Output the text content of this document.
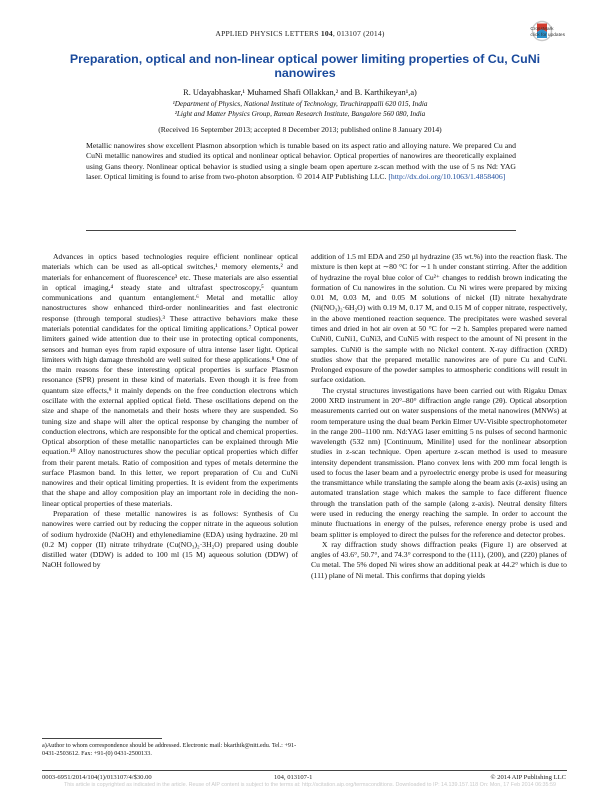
APPLIED PHYSICS LETTERS 104, 013107 (2014)	CrossMark
click for updates
Preparation, optical and non-linear optical power limiting properties of Cu, CuNi nanowires
R. Udayabhaskar,¹ Muhamed Shafi Ollakkan,² and B. Karthikeyan¹,a)
¹Department of Physics, National Institute of Technology, Tiruchirappalli 620 015, India
²Light and Matter Physics Group, Raman Research Institute, Bangalore 560 080, India
(Received 16 September 2013; accepted 8 December 2013; published online 8 January 2014)
Metallic nanowires show excellent Plasmon absorption which is tunable based on its aspect ratio and alloying nature. We prepared Cu and CuNi metallic nanowires and studied its optical and nonlinear optical behavior. Optical properties of nanowires are theoretically explained using Gans theory. Nonlinear optical behavior is studied using a single beam open aperture z-scan method with the use of 5 ns Nd: YAG laser. Optical limiting is found to arise from two-photon absorption. © 2014 AIP Publishing LLC. [http://dx.doi.org/10.1063/1.4858406]

Advances in optics based technologies require efficient nonlinear optical materials which can be used as all-optical switches,¹ memory elements,² and materials for enhancement of fluorescence³ etc. These materials are also essential in optical imaging,⁴ steady state and ultrafast spectroscopy,⁵ quantum communications and quantum entanglement.⁶ Metal and metallic alloy nanostructures show enhanced third-order nonlinearities and fast electronic response (through temporal studies).³ These attractive behaviors make these materials potential candidates for the optical limiting applications.⁷ Optical power limiters gained wide attention due to their use in protecting optical components, sensors and human eyes from rapid exposure of ultra intense laser light. Optical limiters with high damage threshold are well suited for these applications.⁸ One of the main reasons for these interesting optical properties is surface Plasmon resonance (SPR) present in these kind of materials. Even though it is free from quantum size effects,⁹ it mainly depends on the free conduction electrons which oscillate with the external applied optical field. These oscillations depend on the size and shape of the nanometals and their hosts where they are suspended. So tuning size and shape will alter the optical response by changing the number of conduction electrons, which are responsible for the optical and chemical properties. Optical absorption of these metallic nanoparticles can be explained through Mie equation.¹⁰ Alloy nanostructures show the peculiar optical properties which differ from their parent metals. Ratio of composition and types of metals determine the surface Plasmon band. In this letter, we report preparation of Cu and CuNi nanowires and their optical limiting properties. It is evident from the experiments that the shape and alloy composition play an important role in deciding the non-linear optical properties of these materials.

Preparation of these metallic nanowires is as follows: Synthesis of Cu nanowires were carried out by reducing the copper nitrate in the aqueous solution of sodium hydroxide (NaOH) and ethylenediamine (EDA) using hydrazine. 20 ml (0.2 M) copper (II) nitrate trihydrate (Cu(NO₃)₂·3H₂O) prepared using double distilled water (DDW) is added to 100 ml (15 M) aqueous solution (DDW) of NaOH followed by

addition of 1.5 ml EDA and 250 μl hydrazine (35 wt.%) into the reaction flask. The mixture is then kept at ∼80 °C for ∼1 h under constant stirring. After the addition of hydrazine the royal blue color of Cu²⁺ changes to reddish brown indicating the formation of Cu nanowires in the solution. Cu Ni wires were prepared by mixing 0.01 M, 0.03 M, and 0.05 M solutions of nickel (II) nitrate hexahydrate (Ni(NO₃)₂·6H₂O) with 0.19 M, 0.17 M, and 0.15 M of copper nitrate, respectively, in the above mentioned reaction sequence. The precipitates were washed several times and dried in hot air oven at 50 °C for ∼2 h. Samples prepared were named CuNi0, CuNi1, CuNi3, and CuNi5 with respect to the amount of Ni present in the samples. CuNi0 is the sample with no Nickel content. X-ray diffraction (XRD) studies show that the prepared metallic nanowires are of pure Cu and CuNi. Prolonged exposure of the powder samples to atmospheric conditions will result in surface oxidation.

The crystal structures investigations have been carried out with Rigaku Dmax 2000 XRD instrument in 20°–80° diffraction angle range (2θ). Optical absorption measurements carried out on water suspensions of the metal nanowires (MNWs) at room temperature using the dual beam Perkin Elmer UV-Visible spectrophotometer in the range 200–1100 nm. Nd:YAG laser emitting 5 ns pulses of second harmonic wavelength (532 nm) [Continuum, Minilite] used for the nonlinear absorption studies in z-scan technique. Open aperture z-scan method is used to measure intensity dependent transmission. Plano convex lens with 200 mm focal length is used to focus the laser beam and a pyroelectric energy probe is used for measuring the transmittance while translating the sample along the beam axis (z-axis) using an automated translation stage which makes the sample to face different fluence through the translation path of the sample (along z-axis). Neutral density filters were used in reducing the energy reaching the sample. In order to account the minute fluctuations in energy of the pulses, reference energy probe is used and beam splitter is employed to direct the pulses for the reference and detector probes.

X ray diffraction study shows diffraction peaks (Figure 1) are observed at angles of 43.6°, 50.7°, and 74.3° correspond to the (111), (200), and (220) planes of Cu metal. The 5% doped Ni wires show an additional peak at 44.2° which is due to (111) plane of Ni metal. This confirms that doping yields

a)Author to whom correspondence should be addressed. Electronic mail: bkarthik@nitt.edu. Tel.: +91-0431-2503612. Fax: +91-(0) 0431-2500133.
0003-6951/2014/104(1)/013107/4/$30.00	104, 013107-1	© 2014 AIP Publishing LLC
This article is copyrighted as indicated in the article. Reuse of AIP content is subject to the terms at: http://scitation.aip.org/termsconditions. Downloaded to IP: 14.139.157.118 On: Mon, 17 Feb 2014 06:35:59
